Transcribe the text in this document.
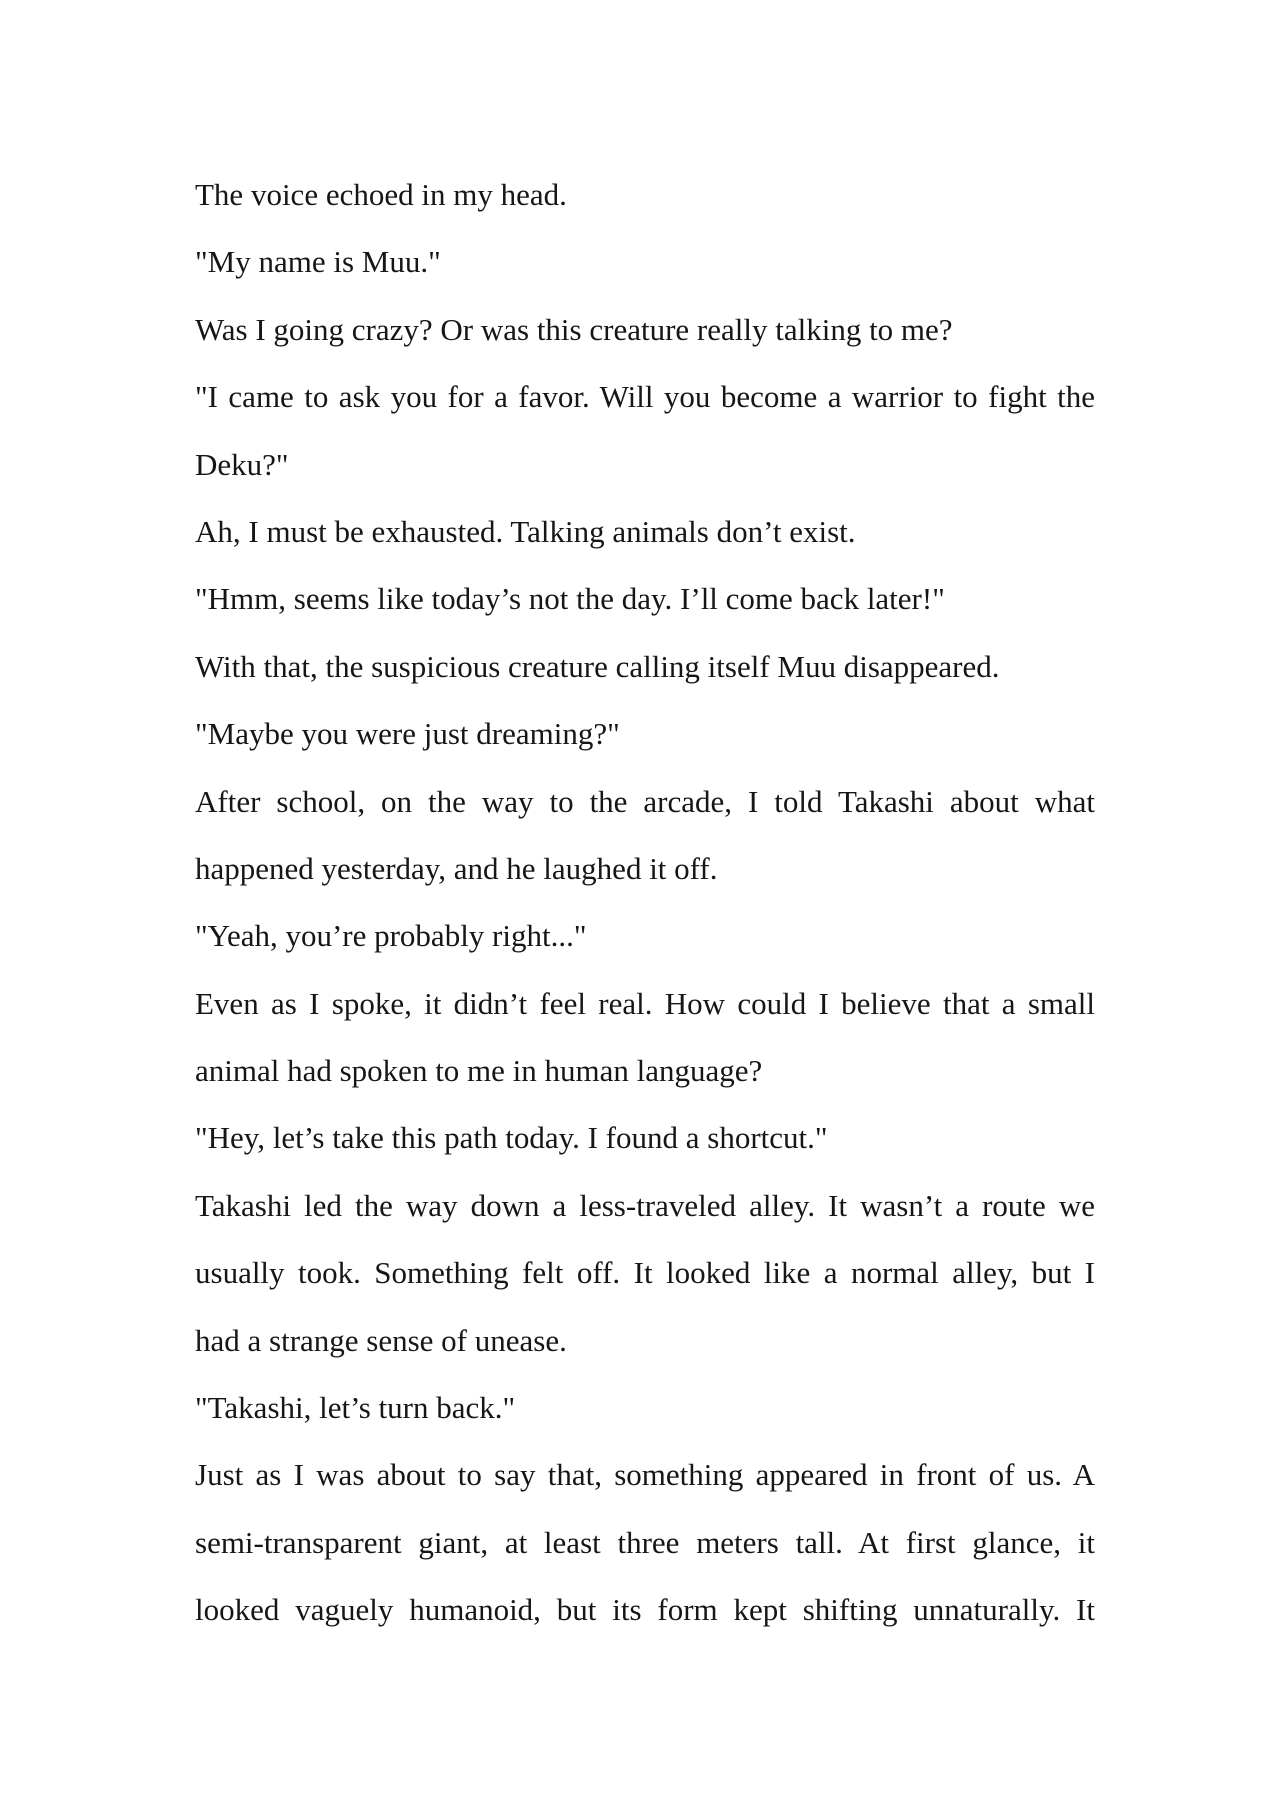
The voice echoed in my head.
"My name is Muu."
Was I going crazy? Or was this creature really talking to me?
"I came to ask you for a favor. Will you become a warrior to fight the
Deku?"
Ah, I must be exhausted. Talking animals don’t exist.
"Hmm, seems like today’s not the day. I’ll come back later!"
With that, the suspicious creature calling itself Muu disappeared.
"Maybe you were just dreaming?"
After school, on the way to the arcade, I told Takashi about what
happened yesterday, and he laughed it off.
"Yeah, you’re probably right..."
Even as I spoke, it didn’t feel real. How could I believe that a small
animal had spoken to me in human language?
"Hey, let’s take this path today. I found a shortcut."
Takashi led the way down a less-traveled alley. It wasn’t a route we
usually took. Something felt off. It looked like a normal alley, but I
had a strange sense of unease.
"Takashi, let’s turn back."
Just as I was about to say that, something appeared in front of us. A
semi-transparent giant, at least three meters tall. At first glance, it
looked vaguely humanoid, but its form kept shifting unnaturally. It
